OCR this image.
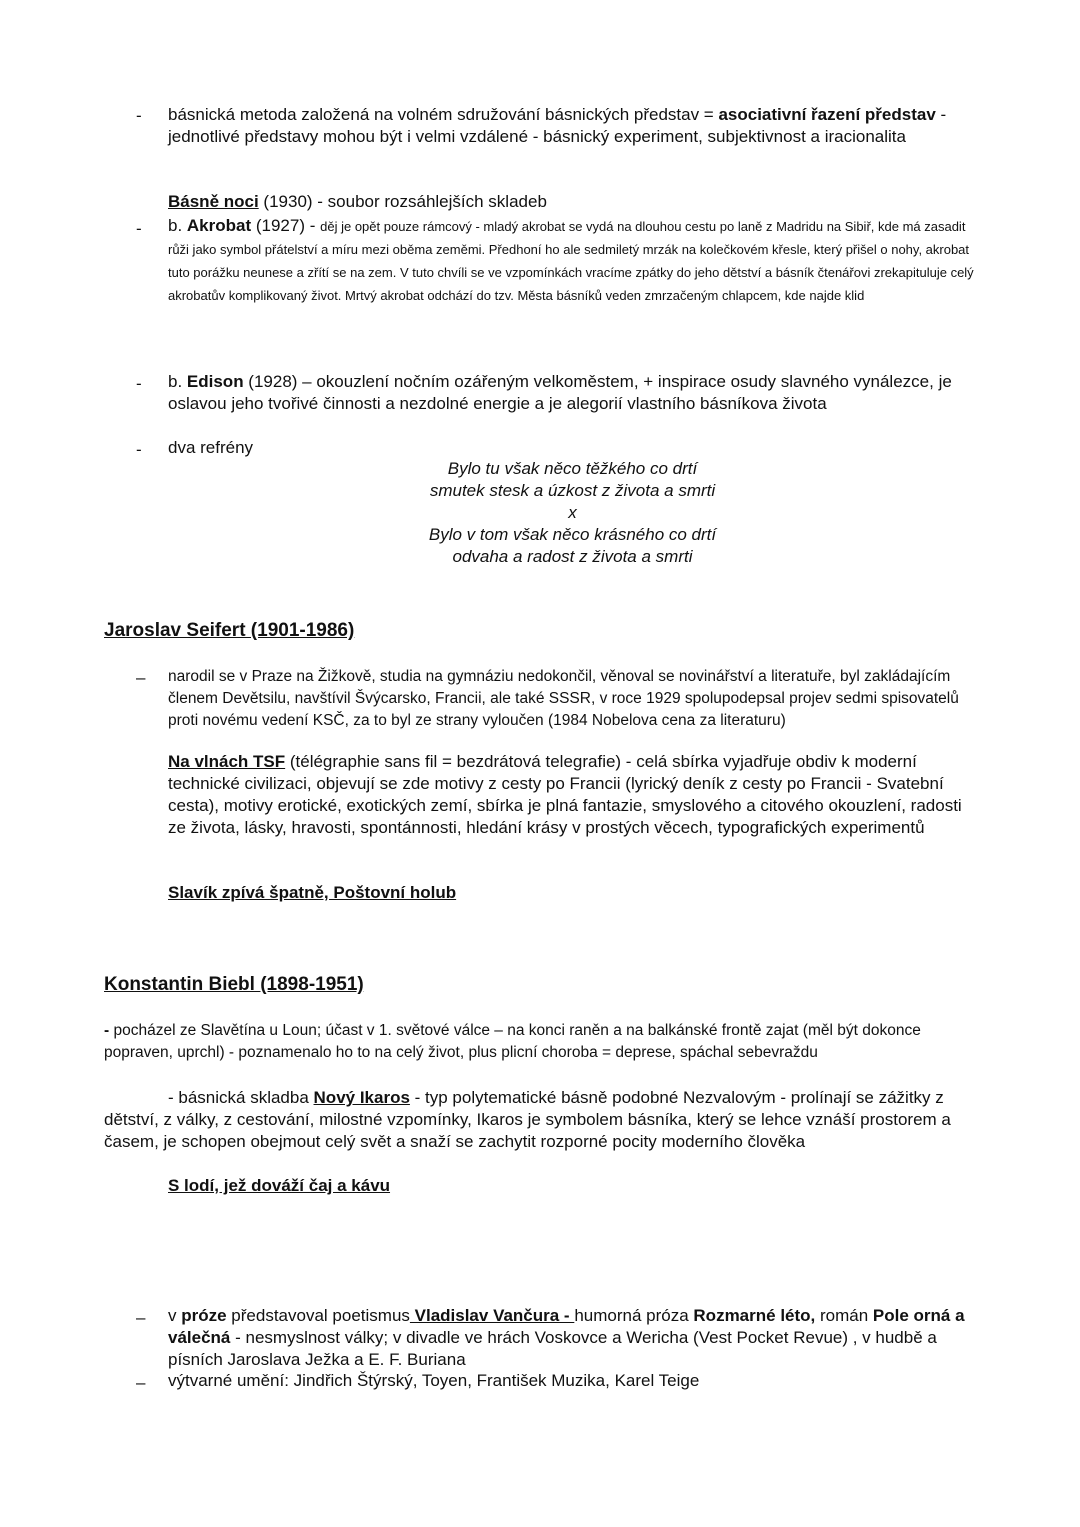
- básnická metoda založená na volném sdružování básnických představ = asociativní řazení představ - jednotlivé představy mohou být i velmi vzdálené - básnický experiment, subjektivnost a iracionalita
Básně noci (1930) - soubor rozsáhlejších skladeb
- b. Akrobat (1927) - děj je opět pouze rámcový - mladý akrobat se vydá na dlouhou cestu po laně z Madridu na Sibiř, kde má zasadit růži jako symbol přátelství a míru mezi oběma zeměmi. Předhoní ho ale sedmiletý mrzák na kolečkovém křesle, který přišel o nohy, akrobat tuto porážku neunese a zřítí se na zem. V tuto chvíli se ve vzpomínkách vracíme zpátky do jeho dětství a básník čtenářovi zrekapituluje celý akrobatův komplikovaný život. Mrtvý akrobat odchází do tzv. Města básníků veden zmrzačeným chlapcem, kde najde klid
- b. Edison (1928) – okouzlení nočním ozářeným velkoměstem, + inspirace osudy slavného vynálezce, je oslavou jeho tvořivé činnosti a nezdolné energie a je alegorií vlastního básníkova života
- dva refrény
Bylo tu však něco těžkého co drtí
smutek stesk a úzkost z života a smrti
x
Bylo v tom však něco krásného co drtí
odvaha a radost z života a smrti
Jaroslav Seifert (1901-1986)
– narodil se v Praze na Žižkově, studia na gymnáziu nedokončil, věnoval se novinářství a literatuře, byl zakládajícím členem Devětsilu, navštívil Švýcarsko, Francii, ale také SSSR, v roce 1929 spolupodepsal projev sedmi spisovatelů proti novému vedení KSČ, za to byl ze strany vyloučen (1984 Nobelova cena za literaturu)
Na vlnách TSF (télégraphie sans fil = bezdrátová telegrafie) - celá sbírka vyjadřuje obdiv k moderní technické civilizaci, objevují se zde motivy z cesty po Francii (lyrický deník z cesty po Francii - Svatební cesta), motivy erotické, exotických zemí, sbírka je plná fantazie, smyslového a citového okouzlení, radosti ze života, lásky, hravosti, spontánnosti, hledání krásy v prostých věcech, typografických experimentů
Slavík zpívá špatně, Poštovní holub
Konstantin Biebl (1898-1951)
- pocházel ze Slavětína u Loun; účast v 1. světové válce – na konci raněn a na balkánské frontě zajat (měl být dokonce popraven, uprchl) - poznamenalo ho to na celý život, plus plicní choroba = deprese, spáchal sebevraždu
- básnická skladba Nový Ikaros - typ polytematické básně podobné Nezvalovým - prolínají se zážitky z dětství, z války, z cestování, milostné vzpomínky, Ikaros je symbolem básníka, který se lehce vznáší prostorem a časem, je schopen obejmout celý svět a snaží se zachytit rozporné pocity moderního člověka
S lodí, jež dováží čaj a kávu
– v próze představoval poetismus Vladislav Vančura - humorná próza Rozmarné léto, román Pole orná a válečná - nesmyslnost války; v divadle ve hrách Voskovce a Wericha (Vest Pocket Revue) , v hudbě a písních Jaroslava Ježka a E. F. Buriana
– výtvarné umění: Jindřich Štýrský, Toyen, František Muzika, Karel Teige
